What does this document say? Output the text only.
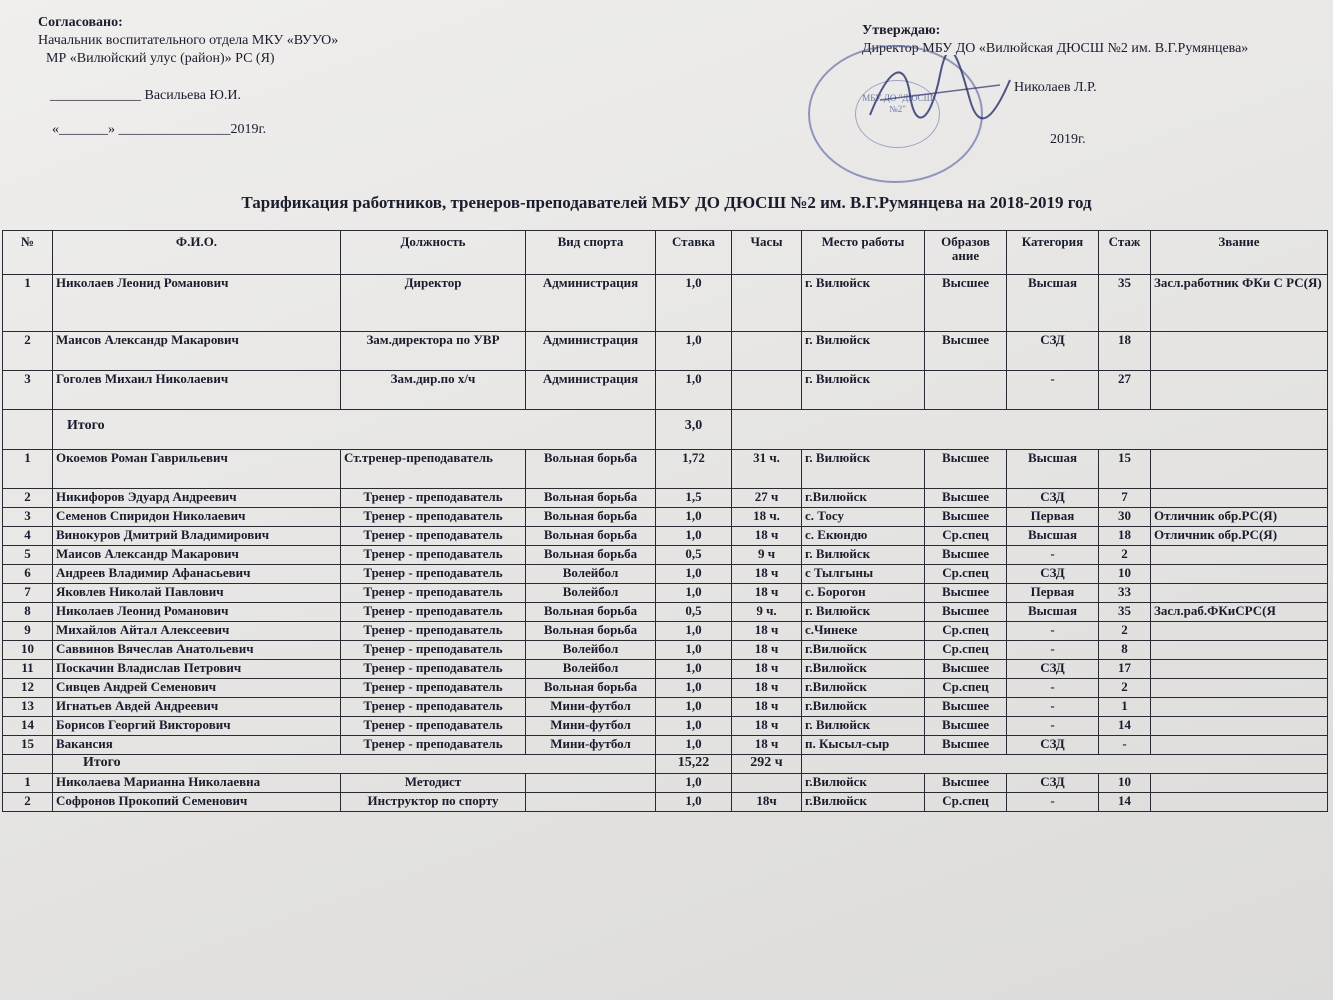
Согласовано:
Начальник воспитательного отдела МКУ «ВУУО»
МР «Вилюйский улус (район)» РС (Я)
_____________ Васильева Ю.И.
«_______» ________________2019г.
Утверждаю:
Директор МБУ ДО «Вилюйская ДЮСШ №2 им. В.Г.Румянцева»
Николаев Л.Р.
2019г.
МБУ ДО "ДЮСШ №2"
Тарификация работников, тренеров-преподавателей МБУ ДО ДЮСШ №2 им. В.Г.Румянцева на 2018-2019 год
№	Ф.И.О.	Должность	Вид спорта	Ставка	Часы	Место работы	Образов ание	Категория	Стаж	Звание
1	Николаев Леонид Романович	Директор	Администрация	1,0		г. Вилюйск	Высшее	Высшая	35	Засл.работник ФКи С РС(Я)
2	Маисов Александр Макарович	Зам.директора по УВР	Администрация	1,0		г. Вилюйск	Высшее	СЗД	18	
3	Гоголев Михаил Николаевич	Зам.дир.по х/ч	Администрация	1,0		г. Вилюйск		-	27	
	Итого			3,0						
1	Окоемов Роман Гаврильевич	Ст.тренер-преподаватель	Вольная борьба	1,72	31 ч.	г. Вилюйск	Высшее	Высшая	15	
2	Никифоров Эдуард Андреевич	Тренер - преподаватель	Вольная борьба	1,5	27 ч	г.Вилюйск	Высшее	СЗД	7	
3	Семенов Спиридон Николаевич	Тренер - преподаватель	Вольная борьба	1,0	18 ч.	с. Тосу	Высшее	Первая	30	Отличник обр.РС(Я)
4	Винокуров Дмитрий Владимирович	Тренер - преподаватель	Вольная борьба	1,0	18 ч	с. Екюндю	Ср.спец	Высшая	18	Отличник обр.РС(Я)
5	Маисов Александр Макарович	Тренер - преподаватель	Вольная борьба	0,5	9 ч	г. Вилюйск	Высшее	-	2	
6	Андреев Владимир Афанасьевич	Тренер - преподаватель	Волейбол	1,0	18 ч	с Тылгыны	Ср.спец	СЗД	10	
7	Яковлев Николай Павлович	Тренер - преподаватель	Волейбол	1,0	18 ч	с. Борогон	Высшее	Первая	33	
8	Николаев Леонид Романович	Тренер - преподаватель	Вольная борьба	0,5	9 ч.	г. Вилюйск	Высшее	Высшая	35	Засл.раб.ФКиСРС(Я
9	Михайлов Айтал Алексеевич	Тренер - преподаватель	Вольная борьба	1,0	18 ч	с.Чинеке	Ср.спец	-	2	
10	Саввинов Вячеслав Анатольевич	Тренер - преподаватель	Волейбол	1,0	18 ч	г.Вилюйск	Ср.спец	-	8	
11	Поскачин Владислав Петрович	Тренер - преподаватель	Волейбол	1,0	18 ч	г.Вилюйск	Высшее	СЗД	17	
12	Сивцев Андрей Семенович	Тренер - преподаватель	Вольная борьба	1,0	18 ч	г.Вилюйск	Ср.спец	-	2	
13	Игнатьев Авдей Андреевич	Тренер - преподаватель	Мини-футбол	1,0	18 ч	г.Вилюйск	Высшее	-	1	
14	Борисов Георгий Викторович	Тренер - преподаватель	Мини-футбол	1,0	18 ч	г. Вилюйск	Высшее	-	14	
15	Вакансия	Тренер - преподаватель	Мини-футбол	1,0	18 ч	п. Кысыл-сыр	Высшее	СЗД	-	
	Итого			15,22	292 ч					
1	Николаева Марианна Николаевна	Методист		1,0		г.Вилюйск	Высшее	СЗД	10	
2	Софронов Прокопий Семенович	Инструктор по спорту		1,0	18ч	г.Вилюйск	Ср.спец	-	14	
